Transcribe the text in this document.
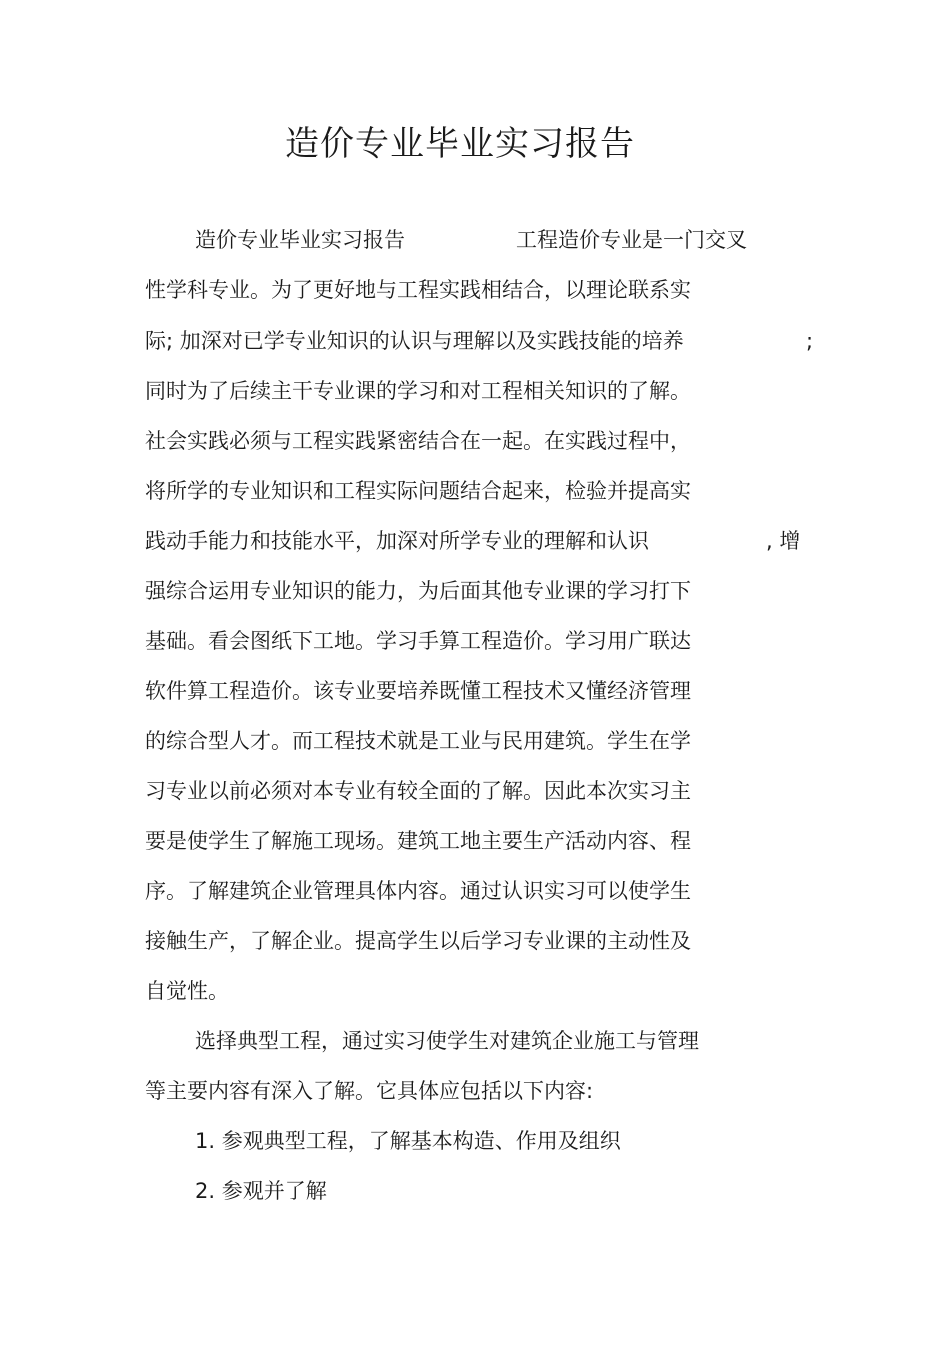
造价专业毕业实习报告
造价专业毕业实习报告	工程造价专业是一门交叉
性学科专业。为了更好地与工程实践相结合，以理论联系实
际; 加深对已学专业知识的认识与理解以及实践技能的培养	;
同时为了后续主干专业课的学习和对工程相关知识的了解。
社会实践必须与工程实践紧密结合在一起。在实践过程中，
将所学的专业知识和工程实际问题结合起来，检验并提高实
践动手能力和技能水平，加深对所学专业的理解和认识	, 增
强综合运用专业知识的能力，为后面其他专业课的学习打下
基础。看会图纸下工地。学习手算工程造价。学习用广联达
软件算工程造价。该专业要培养既懂工程技术又懂经济管理
的综合型人才。而工程技术就是工业与民用建筑。学生在学
习专业以前必须对本专业有较全面的了解。因此本次实习主
要是使学生了解施工现场。建筑工地主要生产活动内容、程
序。了解建筑企业管理具体内容。通过认识实习可以使学生
接触生产，了解企业。提高学生以后学习专业课的主动性及
自觉性。
选择典型工程，通过实习使学生对建筑企业施工与管理
等主要内容有深入了解。它具体应包括以下内容:
1. 参观典型工程，了解基本构造、作用及组织
2. 参观并了解
